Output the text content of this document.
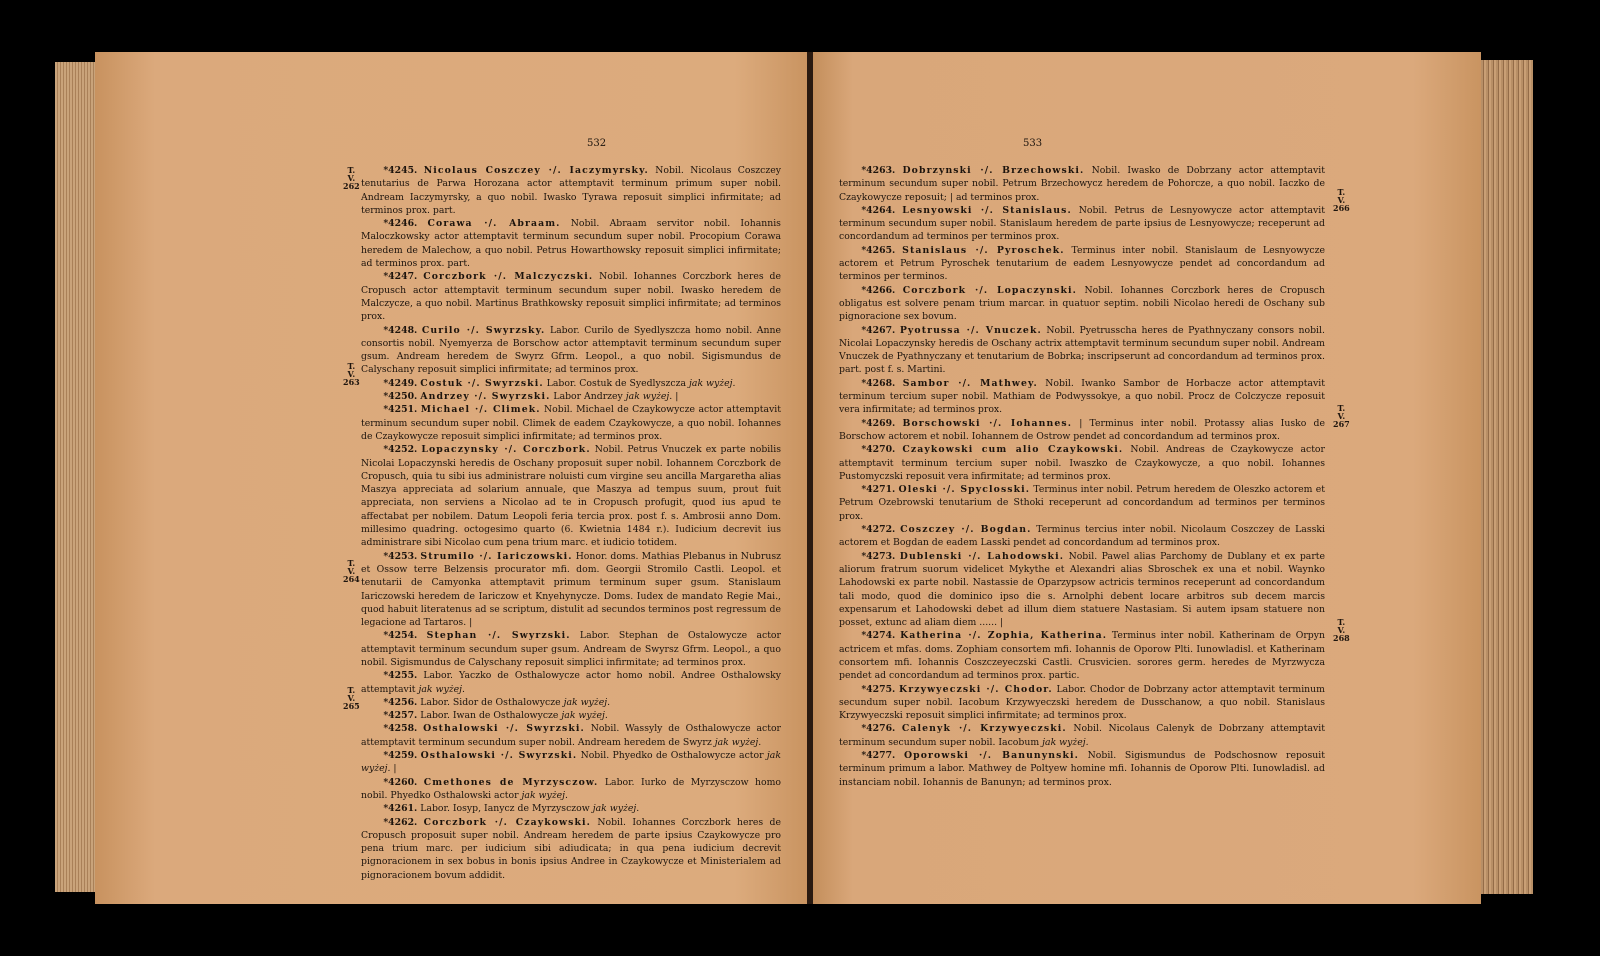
532

*4245. Nicolaus Coszczey ·/. Iaczymyrsky. Nobil. Nicolaus Coszczey tenutarius de Parwa Horozana actor attemptavit terminum primum super nobil. Andream Iaczymyrsky, a quo nobil. Iwasko Tyrawa reposuit simplici infirmitate; ad terminos prox. part.

*4246. Corawa ·/. Abraam. Nobil. Abraam servitor nobil. Iohannis Maloczkowsky actor attemptavit terminum secundum super nobil. Procopium Corawa heredem de Malechow, a quo nobil. Petrus Howarthowsky reposuit simplici infirmitate; ad terminos prox. part.

*4247. Corczbork ·/. Malczyczski. Nobil. Iohannes Corczbork heres de Cropusch actor attemptavit terminum secundum super nobil. Iwasko heredem de Malczycze, a quo nobil. Martinus Brathkowsky reposuit simplici infirmitate; ad terminos prox.

*4248. Curilo ·/. Swyrzsky. Labor. Curilo de Syedlyszcza homo nobil. Anne consortis nobil. Nyemyerza de Borschow actor attemptavit terminum secundum super gsum. Andream heredem de Swyrz Gfrm. Leopol., a quo nobil. Sigismundus de Calyschany reposuit simplici infirmitate; ad terminos prox.

*4249. Costuk ·/. Swyrzski. Labor. Costuk de Syedlyszcza jak wyżej.

*4250. Andrzey ·/. Swyrzski. Labor Andrzey jak wyżej. |

*4251. Michael ·/. Climek. Nobil. Michael de Czaykowycze actor attemptavit terminum secundum super nobil. Climek de eadem Czaykowycze, a quo nobil. Iohannes de Czaykowycze reposuit simplici infirmitate; ad terminos prox.

*4252. Lopaczynsky ·/. Corczbork. Nobil. Petrus Vnuczek ex parte nobilis Nicolai Lopaczynski heredis de Oschany proposuit super nobil. Iohannem Corczbork de Cropusch, quia tu sibi ius administrare noluisti cum virgine seu ancilla Margaretha alias Maszya appreciata ad solarium annuale, que Maszya ad tempus suum, prout fuit appreciata, non serviens a Nicolao ad te in Cropusch profugit, quod ius apud te affectabat per nobilem. Datum Leopoli feria tercia prox. post f. s. Ambrosii anno Dom. millesimo quadring. octogesimo quarto (6. Kwietnia 1484 r.). Iudicium decrevit ius administrare sibi Nicolao cum pena trium marc. et iudicio totidem.

*4253. Strumilo ·/. Iariczowski. Honor. doms. Mathias Plebanus in Nubrusz et Ossow terre Belzensis procurator mfi. dom. Georgii Stromilo Castli. Leopol. et tenutarii de Camyonka attemptavit primum terminum super gsum. Stanislaum Iariczowski heredem de Iariczow et Knyehynycze. Doms. Iudex de mandato Regie Mai., quod habuit literatenus ad se scriptum, distulit ad secundos terminos post regressum de legacione ad Tartaros. |

*4254. Stephan ·/. Swyrzski. Labor. Stephan de Ostalowycze actor attemptavit terminum secundum super gsum. Andream de Swyrsz Gfrm. Leopol., a quo nobil. Sigismundus de Calyschany reposuit simplici infirmitate; ad terminos prox.

*4255. Labor. Yaczko de Osthalowycze actor homo nobil. Andree Osthalowsky attemptavit jak wyżej.

*4256. Labor. Sidor de Osthalowycze jak wyżej.

*4257. Labor. Iwan de Osthalowycze jak wyżej.

*4258. Osthalowski ·/. Swyrzski. Nobil. Wassyly de Osthalowycze actor attemptavit terminum secundum super nobil. Andream heredem de Swyrz jak wyżej.

*4259. Osthalowski ·/. Swyrzski. Nobil. Phyedko de Osthalowycze actor jak wyżej. |

*4260. Cmethones de Myrzysczow. Labor. Iurko de Myrzysczow homo nobil. Phyedko Osthalowski actor jak wyżej.

*4261. Labor. Iosyp, Ianycz de Myrzysczow jak wyżej.

*4262. Corczbork ·/. Czaykowski. Nobil. Iohannes Corczbork heres de Cropusch proposuit super nobil. Andream heredem de parte ipsius Czaykowycze pro pena trium marc. per iudicium sibi adiudicata; in qua pena iudicium decrevit pignoracionem in sex bobus in bonis ipsius Andree in Czaykowycze et Ministerialem ad pignoracionem bovum addidit.

T.
V.
262
T.
V.
263
T.
V.
264
T.
V.
265
533

*4263. Dobrzynski ·/. Brzechowski. Nobil. Iwasko de Dobrzany actor attemptavit terminum secundum super nobil. Petrum Brzechowycz heredem de Pohorcze, a quo nobil. Iaczko de Czaykowycze reposuit; | ad terminos prox.

*4264. Lesnyowski ·/. Stanislaus. Nobil. Petrus de Lesnyowycze actor attemptavit terminum secundum super nobil. Stanislaum heredem de parte ipsius de Lesnyowycze; receperunt ad concordandum ad terminos per terminos prox.

*4265. Stanislaus ·/. Pyroschek. Terminus inter nobil. Stanislaum de Lesnyowycze actorem et Petrum Pyroschek tenutarium de eadem Lesnyowycze pendet ad concordandum ad terminos per terminos.

*4266. Corczbork ·/. Lopaczynski. Nobil. Iohannes Corczbork heres de Cropusch obligatus est solvere penam trium marcar. in quatuor septim. nobili Nicolao heredi de Oschany sub pignoracione sex bovum.

*4267. Pyotrussa ·/. Vnuczek. Nobil. Pyetrusscha heres de Pyathnyczany consors nobil. Nicolai Lopaczynsky heredis de Oschany actrix attemptavit terminum secundum super nobil. Andream Vnuczek de Pyathnyczany et tenutarium de Bobrka; inscripserunt ad concordandum ad terminos prox. part. post f. s. Martini.

*4268. Sambor ·/. Mathwey. Nobil. Iwanko Sambor de Horbacze actor attemptavit terminum tercium super nobil. Mathiam de Podwyssokye, a quo nobil. Procz de Colczycze reposuit vera infirmitate; ad terminos prox.

*4269. Borschowski ·/. Iohannes. | Terminus inter nobil. Protassy alias Iusko de Borschow actorem et nobil. Iohannem de Ostrow pendet ad concordandum ad terminos prox.

*4270. Czaykowski cum alio Czaykowski. Nobil. Andreas de Czaykowycze actor attemptavit terminum tercium super nobil. Iwaszko de Czaykowycze, a quo nobil. Iohannes Pustomyczski reposuit vera infirmitate; ad terminos prox.

*4271. Oleski ·/. Spyclosski. Terminus inter nobil. Petrum heredem de Oleszko actorem et Petrum Ozebrowski tenutarium de Sthoki receperunt ad concordandum ad terminos per terminos prox.

*4272. Coszczey ·/. Bogdan. Terminus tercius inter nobil. Nicolaum Coszczey de Lasski actorem et Bogdan de eadem Lasski pendet ad concordandum ad terminos prox.

*4273. Dublenski ·/. Lahodowski. Nobil. Pawel alias Parchomy de Dublany et ex parte aliorum fratrum suorum videlicet Mykythe et Alexandri alias Sbroschek ex una et nobil. Waynko Lahodowski ex parte nobil. Nastassie de Oparzypsow actricis terminos receperunt ad concordandum tali modo, quod die dominico ipso die s. Arnolphi debent locare arbitros sub decem marcis expensarum et Lahodowski debet ad illum diem statuere Nastasiam. Si autem ipsam statuere non posset, extunc ad aliam diem ...... |

*4274. Katherina ·/. Zophia, Katherina. Terminus inter nobil. Katherinam de Orpyn actricem et mfas. doms. Zophiam consortem mfi. Iohannis de Oporow Plti. Iunowladisl. et Katherinam consortem mfi. Iohannis Coszczeyeczski Castli. Crusvicien. sorores germ. heredes de Myrzwycza pendet ad concordandum ad terminos prox. partic.

*4275. Krzywyeczski ·/. Chodor. Labor. Chodor de Dobrzany actor attemptavit terminum secundum super nobil. Iacobum Krzywyeczski heredem de Dusschanow, a quo nobil. Stanislaus Krzywyeczski reposuit simplici infirmitate; ad terminos prox.

*4276. Calenyk ·/. Krzywyeczski. Nobil. Nicolaus Calenyk de Dobrzany attemptavit terminum secundum super nobil. Iacobum jak wyżej.

*4277. Oporowski ·/. Banunynski. Nobil. Sigismundus de Podschosnow reposuit terminum primum a labor. Mathwey de Poltyew homine mfi. Iohannis de Oporow Plti. Iunowladisl. ad instanciam nobil. Iohannis de Banunyn; ad terminos prox.

T.
V.
266
T.
V.
267
T.
V.
268
